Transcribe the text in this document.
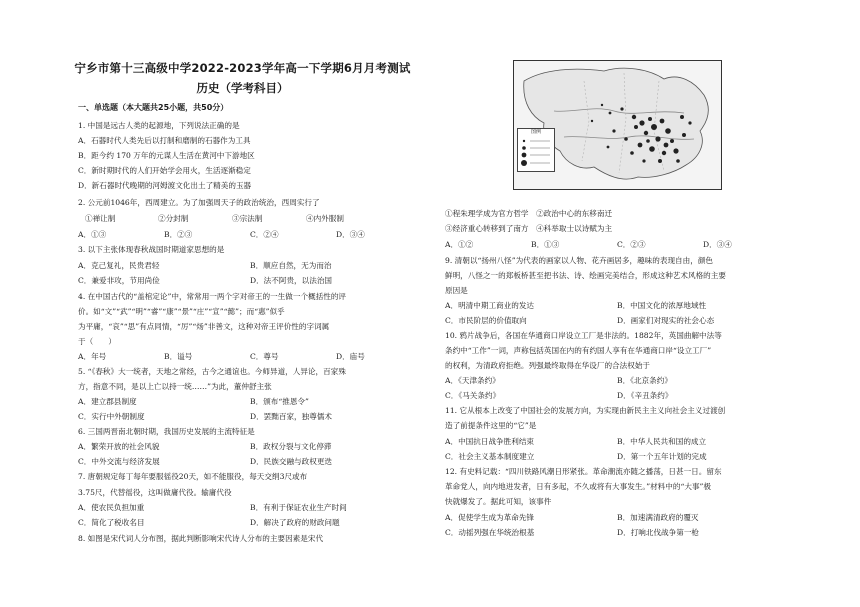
宁乡市第十三高级中学2022-2023学年高一下学期6月月考测试
历史（学考科目）
一、单选题（本大题共25小题，共50分）
1. 中国是远古人类的起源地，下列说法正确的是
A．石器时代人类先后以打制和磨制的石器作为工具
B．距今约 170 万年的元谋人生活在黄河中下游地区
C．新时期时代的人们开始学会用火，生活逐渐稳定
D．新石器时代晚期的河姆渡文化出土了精美的玉器
2. 公元前1046年，西周建立。为了加强周天子的政治统治，西周实行了
①禅让制	②分封制	③宗法制	④内外服制
A．①③	B．②③	C．②④	D．③④
3. 以下主张体现春秋战国时期道家思想的是
A．克己复礼，民贵君轻	B．顺应自然，无为而治
C．兼爱非攻，节用尚俭	D．法不阿贵，以法治国
4. 在中国古代的“盖棺定论”中，常常用一两个字对帝王的一生做一个概括性的评
价。如“文”“武”“明”“睿”“康”“景”“庄”“宣”“懿”；而“惠”似乎
为平庸，“哀”“思”有点同情，“厉”“炀”非善文，这种对帝王评价性的字词属
于（　　）
A．年号	B．谥号	C．尊号	D．庙号
5. “《春秋》大一统者，天地之常经，古今之通谊也。今师异道，人异论，百家殊
方，指意不同，是以上亡以持一统……”为此，董仲舒主张
A．建立郡县制度	B．颁布“推恩令”
C．实行中外朝制度	D．罢黜百家，独尊儒术
6. 三国两晋南北朝时期，我国历史发展的主流特征是
A．繁荣开放的社会风貌	B．政权分裂与文化停滞
C．中外交流与经济发展	D．民族交融与政权更迭
7. 唐朝规定每丁每年要服徭役20天，如不能服役，每天交绢3尺或布
3.75尺，代替徭役，这叫做庸代役。输庸代役
A．使农民负担加重	B．有利于保证农业生产时间
C．简化了税收名目	D．解决了政府的财政问题
8. 如图是宋代词人分布图，据此判断影响宋代诗人分布的主要因素是宋代
图例
①程朱理学成为官方哲学　②政治中心的东移南迁
③经济重心转移到了南方　④科举取士以诗赋为主
A．①②	B．①③	C．②③	D．③④
9. 清朝以“扬州八怪”为代表的画家以人物、花卉画居多，趣味的表现自由，颜色
鲜明，八怪之一的郑板桥甚至把书法、诗、绘画完美结合，形成这种艺术风格的主要
原因是
A．明清中期工商业的发达	B．中国文化的浓厚地域性
C．市民阶层的价值取向	D．画家们对现实的社会心态
10. 鸦片战争后，各国在华通商口岸设立工厂是非法的。1882年，英国曲解中法等
条约中“工作”一词，声称包括英国在内的有约国人享有在华通商口岸“设立工厂”
的权利，为清政府拒绝。列强最终取得在华设厂的合法权始于
A．《天津条约》	B．《北京条约》
C．《马关条约》	D．《辛丑条约》
11. 它从根本上改变了中国社会的发展方向，为实现由新民主主义向社会主义过渡创
造了前提条件这里的“它”是
A．中国抗日战争胜利结束	B．中华人民共和国的成立
C．社会主义基本制度建立	D．第一个五年计划的完成
12. 有史料记载：“四川铁路风潮日形紧张。革命潮流亦随之播荡，日甚一日。留东
革命党人，向内地进发者，日有多起，不久或将有大事发生。”材料中的“大事”极
快就爆发了。据此可知，该事件
A．促使学生成为革命先锋	B．加速满清政府的覆灭
C．动摇列强在华统治根基	D．打响北伐战争第一枪
